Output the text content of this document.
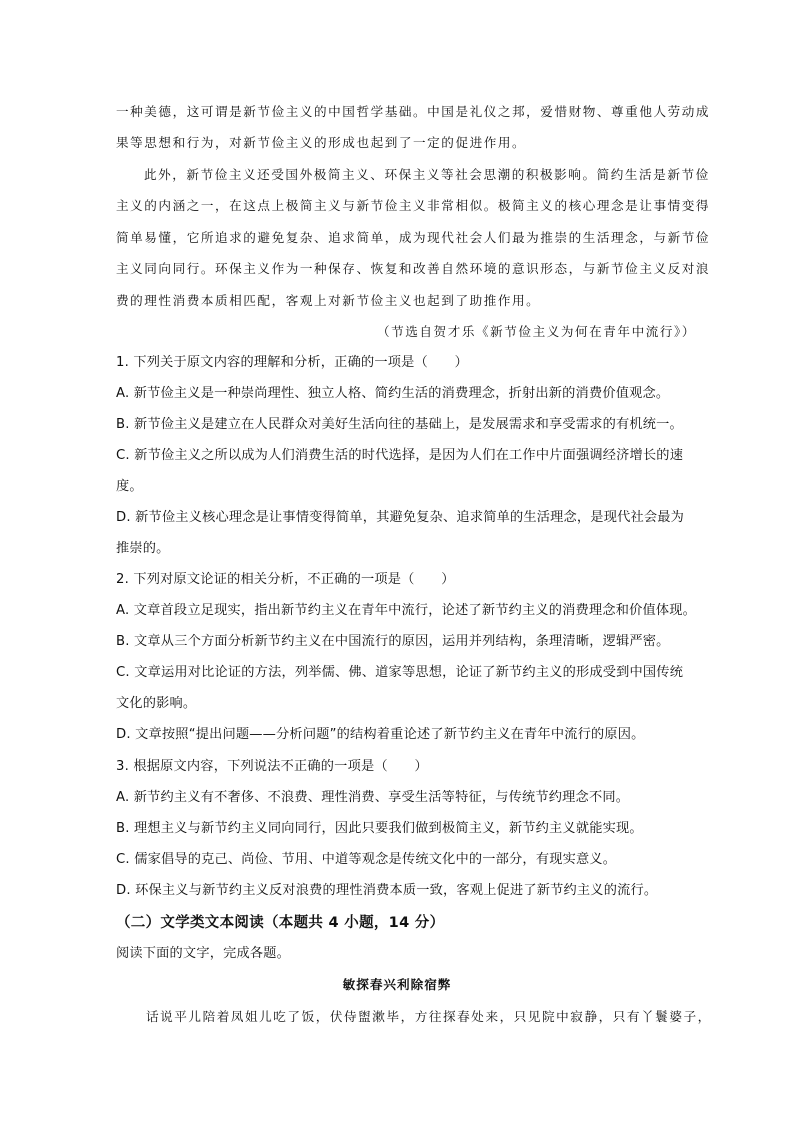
一种美德，这可谓是新节俭主义的中国哲学基础。中国是礼仪之邦，爱惜财物、尊重他人劳动成
果等思想和行为，对新节俭主义的形成也起到了一定的促进作用。
此外，新节俭主义还受国外极简主义、环保主义等社会思潮的积极影响。简约生活是新节俭
主义的内涵之一，在这点上极简主义与新节俭主义非常相似。极简主义的核心理念是让事情变得
简单易懂，它所追求的避免复杂、追求简单，成为现代社会人们最为推崇的生活理念，与新节俭
主义同向同行。环保主义作为一种保存、恢复和改善自然环境的意识形态，与新节俭主义反对浪
费的理性消费本质相匹配，客观上对新节俭主义也起到了助推作用。
（节选自贺才乐《新节俭主义为何在青年中流行》）
1. 下列关于原文内容的理解和分析，正确的一项是（　　）
A. 新节俭主义是一种崇尚理性、独立人格、简约生活的消费理念，折射出新的消费价值观念。
B. 新节俭主义是建立在人民群众对美好生活向往的基础上，是发展需求和享受需求的有机统一。
C. 新节俭主义之所以成为人们消费生活的时代选择，是因为人们在工作中片面强调经济增长的速
度。
D. 新节俭主义核心理念是让事情变得简单，其避免复杂、追求简单的生活理念，是现代社会最为
推崇的。
2. 下列对原文论证的相关分析，不正确的一项是（　　）
A. 文章首段立足现实，指出新节约主义在青年中流行，论述了新节约主义的消费理念和价值体现。
B. 文章从三个方面分析新节约主义在中国流行的原因，运用并列结构，条理清晰，逻辑严密。
C. 文章运用对比论证的方法，列举儒、佛、道家等思想，论证了新节约主义的形成受到中国传统
文化的影响。
D. 文章按照“提出问题——分析问题”的结构着重论述了新节约主义在青年中流行的原因。
3. 根据原文内容，下列说法不正确的一项是（　　）
A. 新节约主义有不奢侈、不浪费、理性消费、享受生活等特征，与传统节约理念不同。
B. 理想主义与新节约主义同向同行，因此只要我们做到极简主义，新节约主义就能实现。
C. 儒家倡导的克己、尚俭、节用、中道等观念是传统文化中的一部分，有现实意义。
D. 环保主义与新节约主义反对浪费的理性消费本质一致，客观上促进了新节约主义的流行。
（二）文学类文本阅读（本题共 4 小题，14 分）
阅读下面的文字，完成各题。
敏探春兴利除宿弊
话说平儿陪着凤姐儿吃了饭，伏侍盥漱毕，方往探春处来，只见院中寂静，只有丫鬟婆子，
